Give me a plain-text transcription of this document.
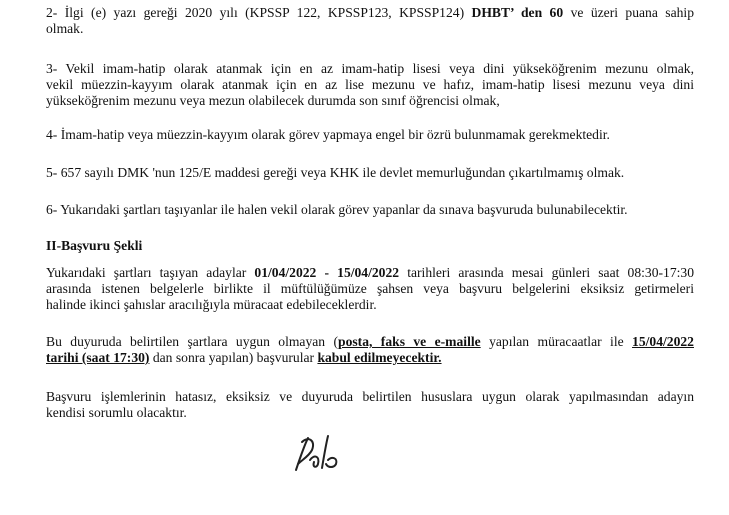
2- İlgi (e) yazı gereği 2020 yılı (KPSSP 122, KPSSP123, KPSSP124) DHBT’ den 60 ve üzeri puana sahip
olmak.
3- Vekil imam-hatip olarak atanmak için en az imam-hatip lisesi veya dini yükseköğrenim mezunu olmak,
vekil müezzin-kayyım olarak atanmak için en az lise mezunu ve hafız, imam-hatip lisesi mezunu veya dini
yükseköğrenim mezunu veya mezun olabilecek durumda son sınıf öğrencisi olmak,
4- İmam-hatip veya müezzin-kayyım olarak görev yapmaya engel bir özrü bulunmamak gerekmektedir.
5- 657 sayılı DMK 'nun 125/E maddesi gereği veya KHK ile devlet memurluğundan çıkartılmamış olmak.
6- Yukarıdaki şartları taşıyanlar ile halen vekil olarak görev yapanlar da sınava başvuruda bulunabilecektir.
II-Başvuru Şekli
Yukarıdaki şartları taşıyan adaylar 01/04/2022 - 15/04/2022 tarihleri arasında mesai günleri saat 08:30-17:30
arasında istenen belgelerle birlikte il müftülüğümüze şahsen veya başvuru belgelerini eksiksiz getirmeleri
halinde ikinci şahıslar aracılığıyla müracaat edebileceklerdir.
Bu duyuruda belirtilen şartlara uygun olmayan (posta, faks ve e-maille yapılan müracaatlar ile 15/04/2022
tarihi (saat 17:30) dan sonra yapılan) başvurular kabul edilmeyecektir.
Başvuru işlemlerinin hatasız, eksiksiz ve duyuruda belirtilen hususlara uygun olarak yapılmasından adayın
kendisi sorumlu olacaktır.
